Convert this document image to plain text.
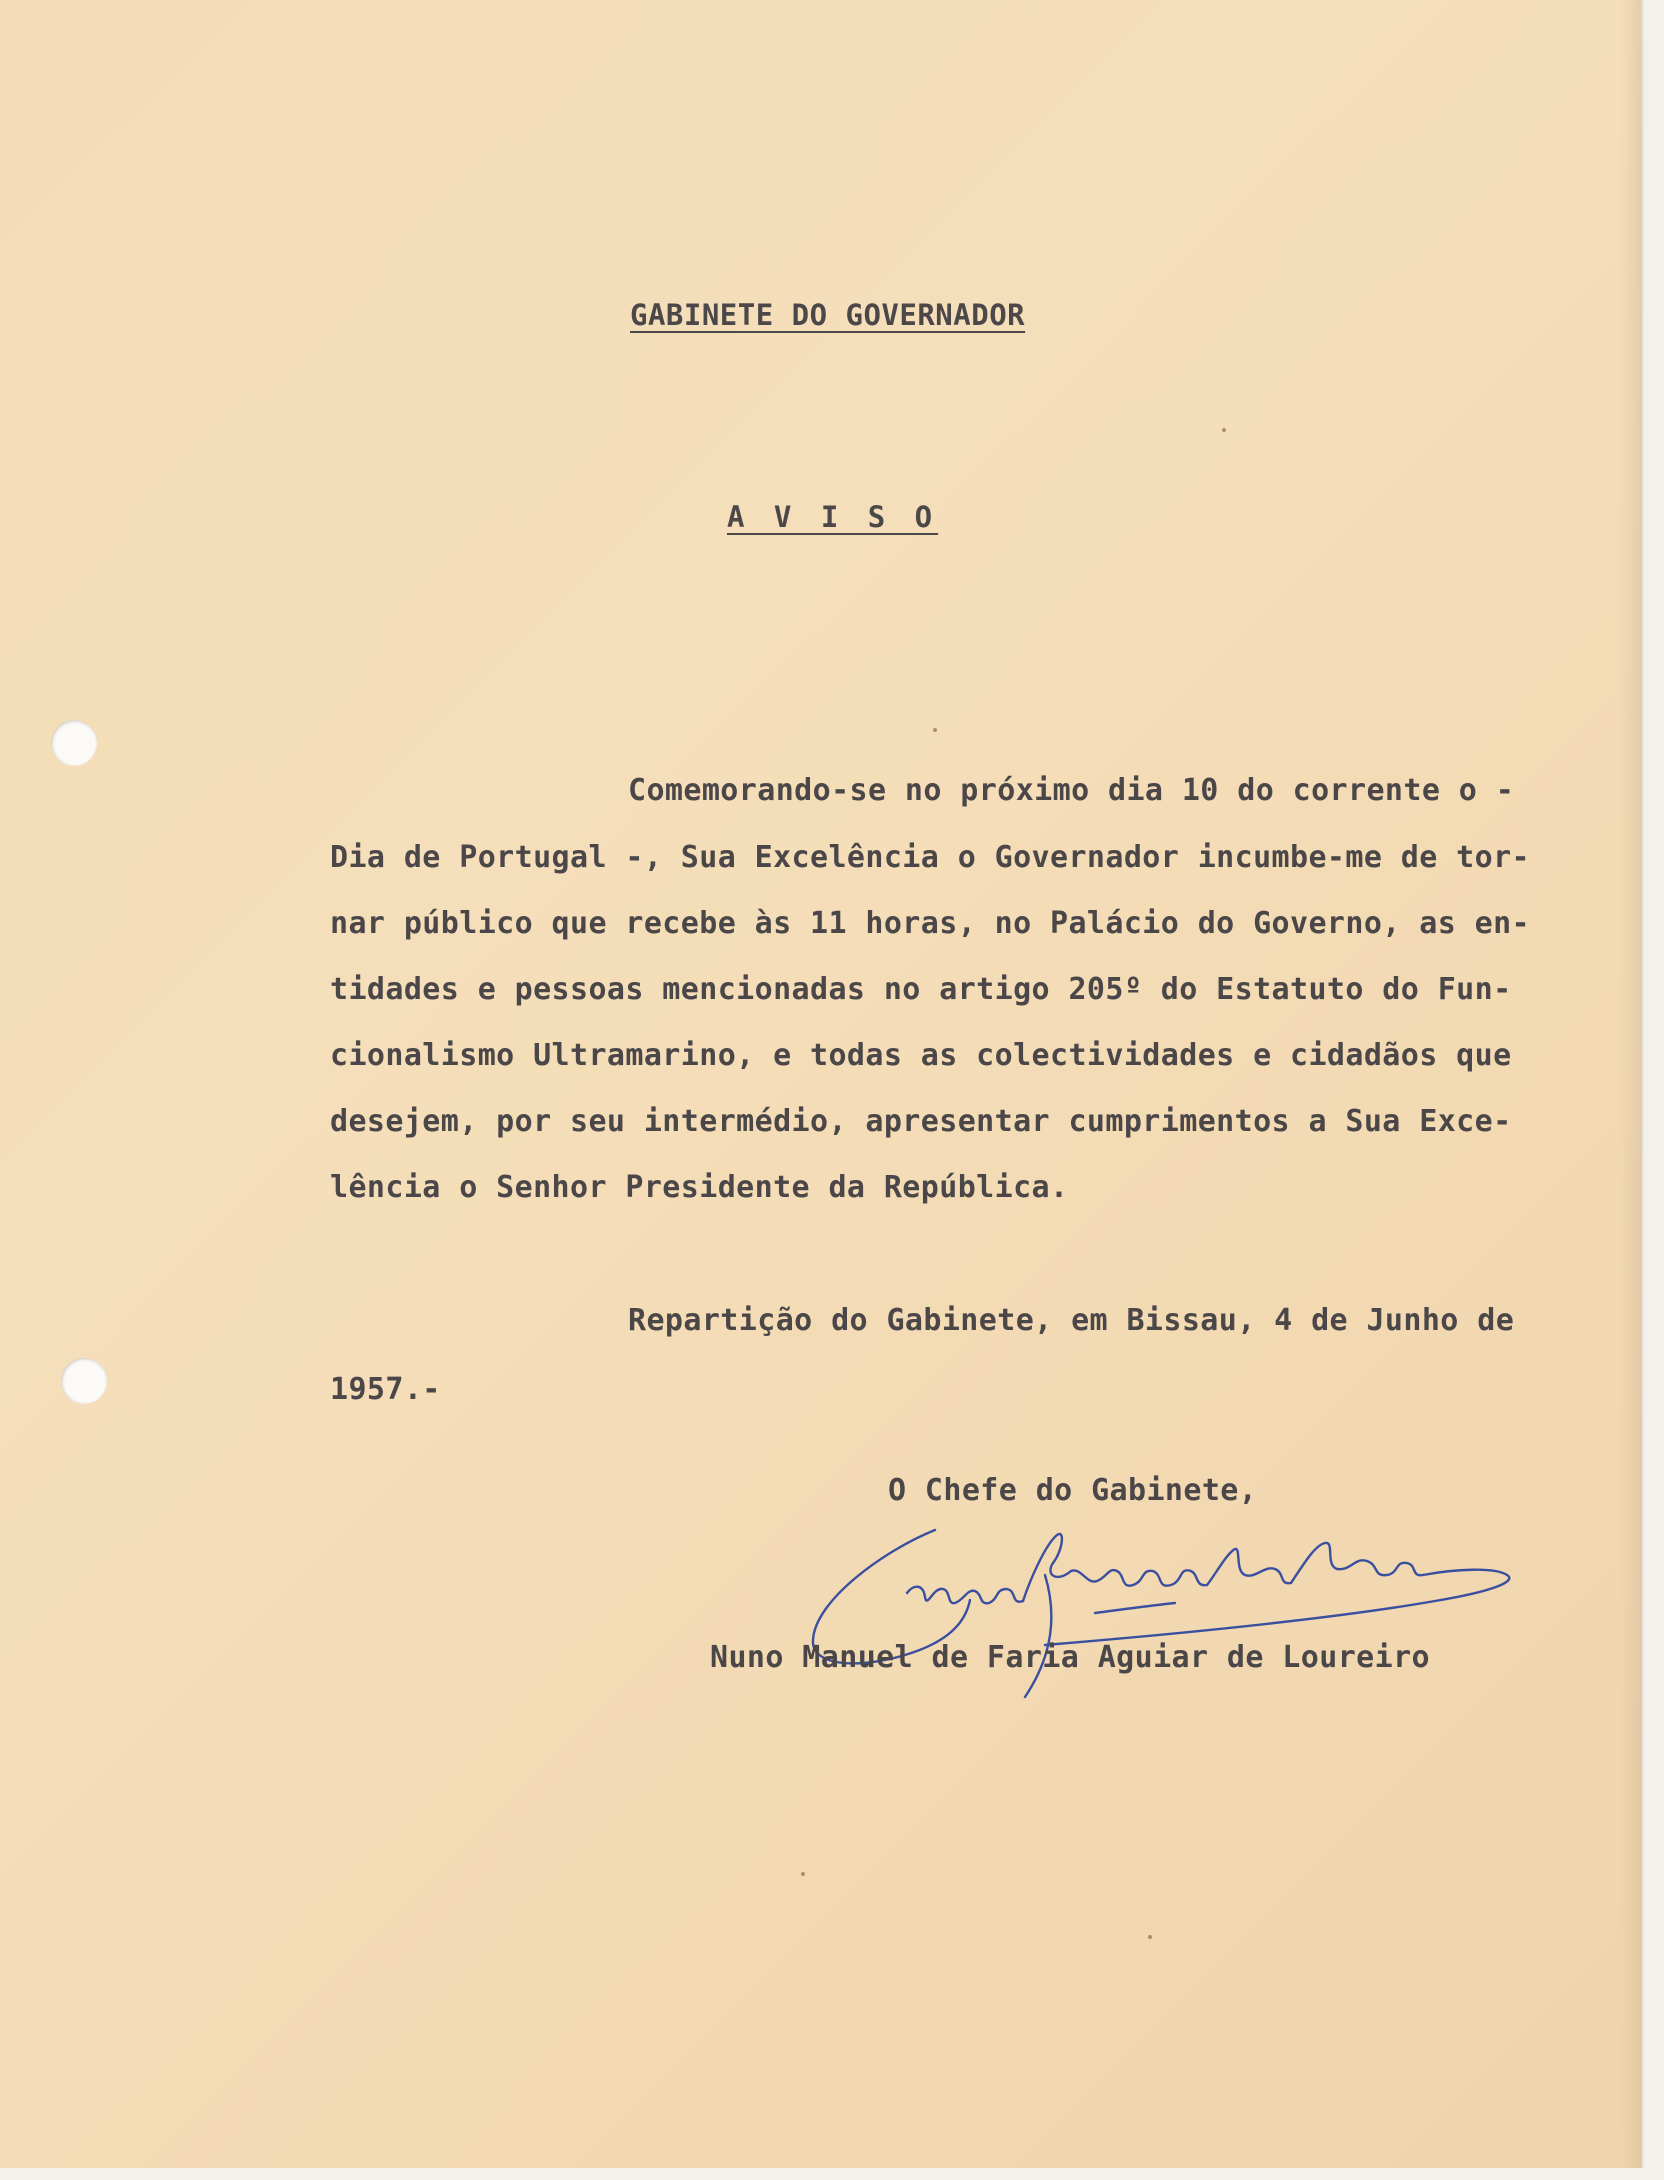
GABINETE DO GOVERNADOR
A V I S O
Comemorando-se no próximo dia 10 do corrente o -
Dia de Portugal -, Sua Excelência o Governador incumbe-me de tor-
nar público que recebe às 11 horas, no Palácio do Governo, as en-
tidades e pessoas mencionadas no artigo 205º do Estatuto do Fun-
cionalismo Ultramarino, e todas as colectividades e cidadãos que
desejem, por seu intermédio, apresentar cumprimentos a Sua Exce-
lência o Senhor Presidente da República.
Repartição do Gabinete, em Bissau, 4 de Junho de
1957.-
O Chefe do Gabinete,
Nuno Manuel de Faria Aguiar de Loureiro
